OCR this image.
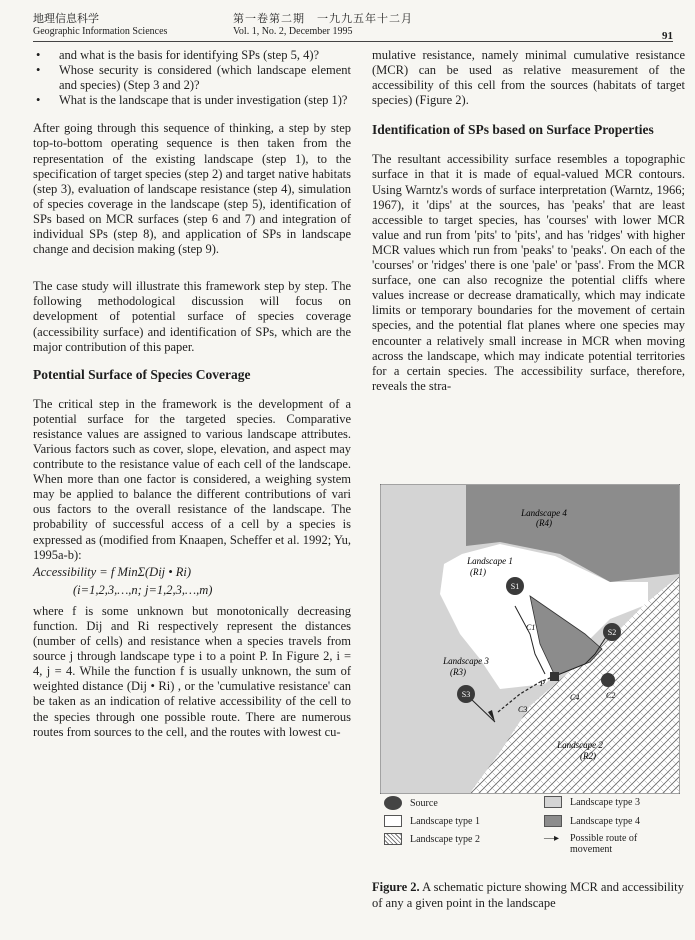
地理信息科学
Geographic Information Sciences
第一卷第二期　一九九五年十二月
Vol. 1, No. 2, December 1995	91
• and what is the basis for identifying SPs (step 5, 4)?
• Whose security is considered (which landscape element and species) (Step 3 and 2)?
• What is the landscape that is under investigation (step 1)?

After going through this sequence of thinking, a step by step top-to-bottom operating sequence is then taken from the representation of the existing landscape (step 1), to the specification of target species (step 2) and target native habitats (step 3), evaluation of landscape resistance (step 4), simulation of species coverage in the landscape (step 5), identification of SPs based on MCR surfaces (step 6 and 7) and integration of individual SPs (step 8), and application of SPs in landscape change and decision making (step 9).

The case study will illustrate this framework step by step. The following methodological discussion will focus on development of potential surface of species coverage (accessibility surface) and identification of SPs, which are the major contribution of this paper.

Potential Surface of Species Coverage

The critical step in the framework is the development of a potential surface for the targeted species. Comparative resistance values are assigned to various landscape attributes. Various factors such as cover, slope, elevation, and aspect may contribute to the resistance value of each cell of the landscape. When more than one factor is considered, a weighing system may be applied to balance the different contributions of vari ous factors to the overall resistance of the landscape. The probability of successful access of a cell by a species is expressed as (modified from Knaapen, Scheffer et al. 1992; Yu, 1995a-b):

Accessibility = f MinΣ(Dij • Ri)
(i=1,2,3,…,n; j=1,2,3,…,m)

where f is some unknown but monotonically decreasing function. Dij and Ri respectively represent the distances (number of cells) and resistance when a species travels from source j through landscape type i to a point P. In Figure 2, i = 4, j = 4. While the function f is usually unknown, the sum of weighted distance (Dij • Ri) , or the 'cumulative resistance' can be taken as an indication of relative accessibility of the cell to the species through one possible route. There are numerous routes from sources to the cell, and the routes with lowest cu-

mulative resistance, namely minimal cumulative resistance (MCR) can be used as relative measurement of the accessibility of this cell from the sources (habitats of target species) (Figure 2).

Identification of SPs based on Surface Properties

The resultant accessibility surface resembles a topographic surface in that it is made of equal-valued MCR contours. Using Warntz's words of surface interpretation (Warntz, 1966; 1967), it 'dips' at the sources, has 'peaks' that are least accessible to target species, has 'courses' with lower MCR value and run from 'pits' to 'pits', and has 'ridges' with higher MCR values which run from 'peaks' to 'peaks'. On each of the 'courses' or 'ridges' there is one 'pale' or 'pass'. From the MCR surface, one can also recognize the potential cliffs where values increase or decrease dramatically, which may indicate limits or temporary boundaries for the movement of certain species, and the potential flat planes where one species may encounter a relatively small increase in MCR when moving across the landscape, which may indicate potential territories for a certain species. The accessibility surface, therefore, reveals the stra-

Landscape 4
(R4)
Landscape 1
(R1)
Landscape 3
(R3)
Landscape 2
(R2)
S1
S2
S3
C1
C2
C3
C4
P
Source
Landscape type 1
Landscape type 2
Landscape type 3
Landscape type 4
—▸ Possible route of
movement
Figure 2. A schematic picture showing MCR and accessibility of any a given point in the landscape
